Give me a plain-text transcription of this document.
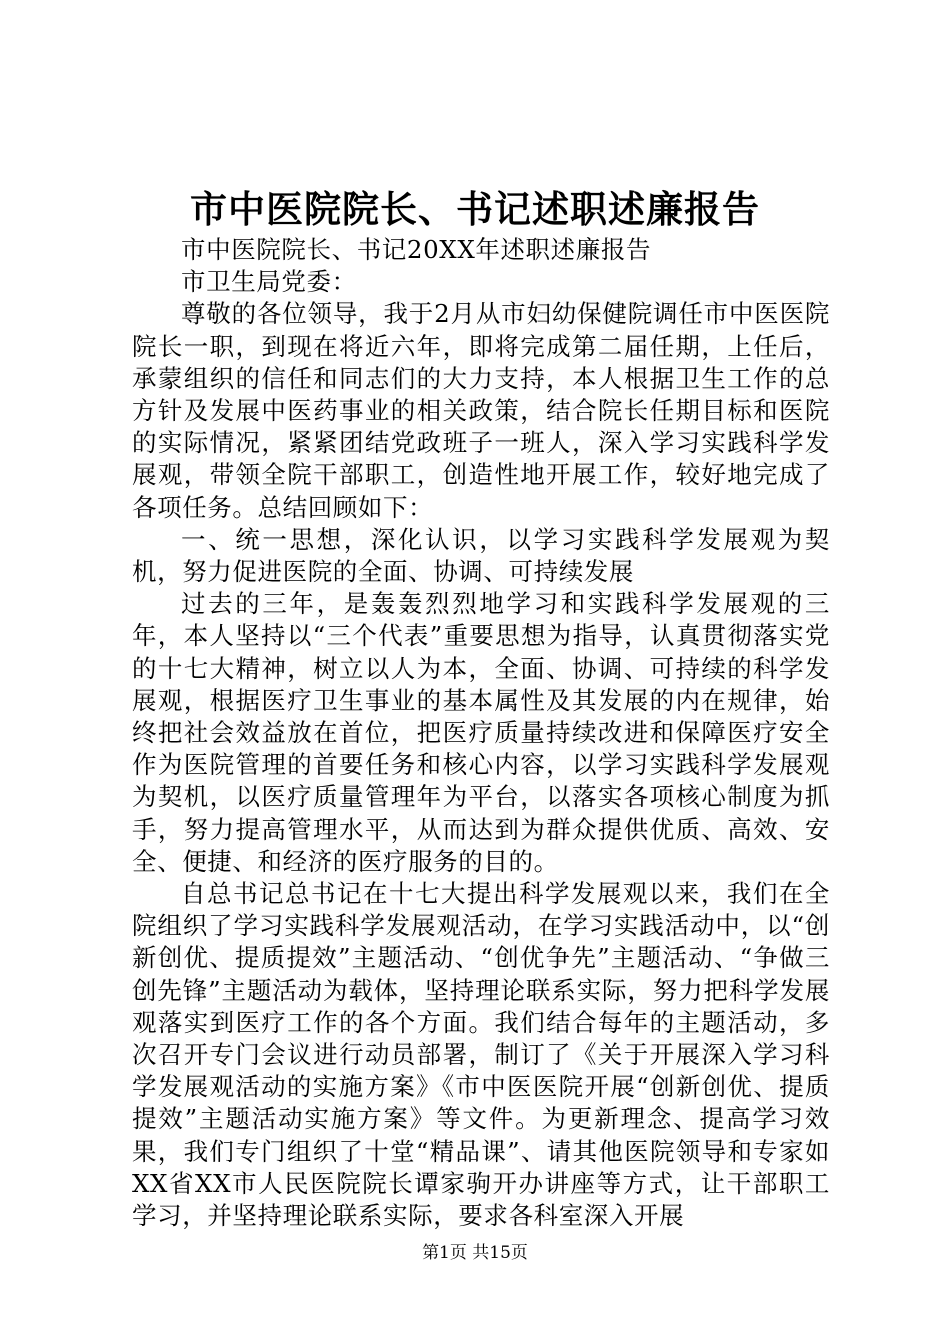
市中医院院长、书记述职述廉报告

市中医院院长、书记20XX年述职述廉报告

市卫生局党委：

尊敬的各位领导，我于2月从市妇幼保健院调任市中医医院院长一职，到现在将近六年，即将完成第二届任期，上任后，承蒙组织的信任和同志们的大力支持，本人根据卫生工作的总方针及发展中医药事业的相关政策，结合院长任期目标和医院的实际情况，紧紧团结党政班子一班人，深入学习实践科学发展观，带领全院干部职工，创造性地开展工作，较好地完成了各项任务。总结回顾如下：

一、统一思想，深化认识，以学习实践科学发展观为契机，努力促进医院的全面、协调、可持续发展

过去的三年，是轰轰烈烈地学习和实践科学发展观的三年，本人坚持以“三个代表”重要思想为指导，认真贯彻落实党的十七大精神，树立以人为本，全面、协调、可持续的科学发展观，根据医疗卫生事业的基本属性及其发展的内在规律，始终把社会效益放在首位，把医疗质量持续改进和保障医疗安全作为医院管理的首要任务和核心内容，以学习实践科学发展观为契机，以医疗质量管理年为平台，以落实各项核心制度为抓手，努力提高管理水平，从而达到为群众提供优质、高效、安全、便捷、和经济的医疗服务的目的。

自总书记总书记在十七大提出科学发展观以来，我们在全院组织了学习实践科学发展观活动，在学习实践活动中，以“创新创优、提质提效”主题活动、“创优争先”主题活动、“争做三创先锋”主题活动为载体，坚持理论联系实际，努力把科学发展观落实到医疗工作的各个方面。我们结合每年的主题活动，多次召开专门会议进行动员部署，制订了《关于开展深入学习科学发展观活动的实施方案》《市中医医院开展“创新创优、提质提效”主题活动实施方案》等文件。为更新理念、提高学习效果，我们专门组织了十堂“精品课”、请其他医院领导和专家如XX省XX市人民医院院长谭家驹开办讲座等方式，让干部职工学习，并坚持理论联系实际，要求各科室深入开展

第1页 共15页
